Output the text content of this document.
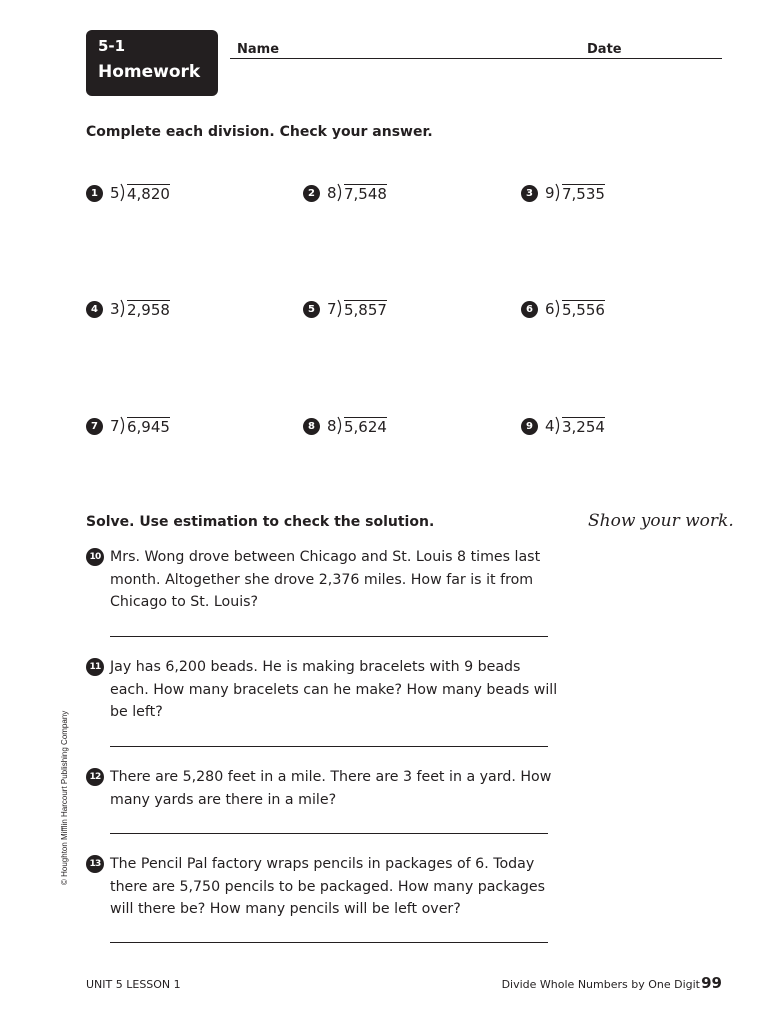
5-1
Homework
Name	Date
Complete each division. Check your answer.
1 5 4,820	2 8 7,548	3 9 7,535
4 3 2,958	5 7 5,857	6 6 5,556
7 7 6,945	8 8 5,624	9 4 3,254
Solve. Use estimation to check the solution.	Show your work.
10 Mrs. Wong drove between Chicago and St. Louis 8 times last month. Altogether she drove 2,376 miles. How far is it from Chicago to St. Louis?
11 Jay has 6,200 beads. He is making bracelets with 9 beads each. How many bracelets can he make? How many beads will be left?
12 There are 5,280 feet in a mile. There are 3 feet in a yard. How many yards are there in a mile?
13 The Pencil Pal factory wraps pencils in packages of 6. Today there are 5,750 pencils to be packaged. How many packages will there be? How many pencils will be left over?
© Houghton Mifflin Harcourt Publishing Company
UNIT 5 LESSON 1	Divide Whole Numbers by One Digit 99
